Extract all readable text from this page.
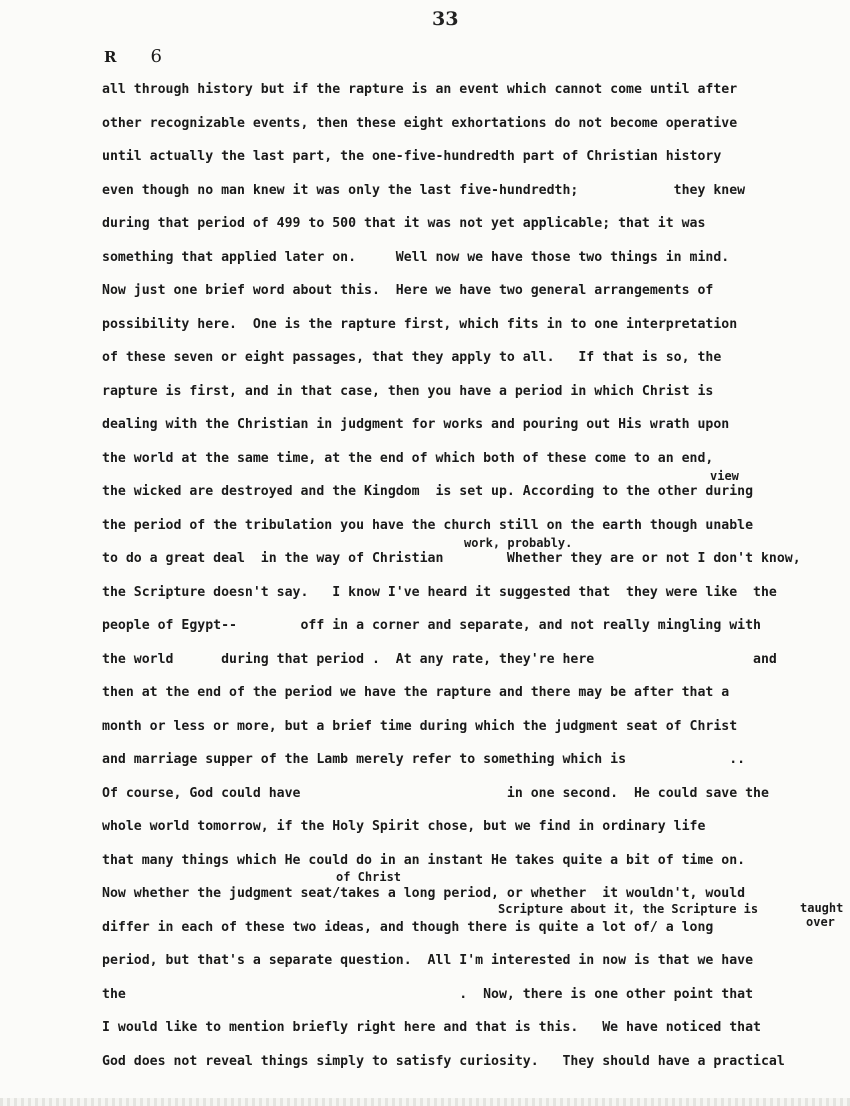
33
R 6
all through history but if the rapture is an event which cannot come until after
other recognizable events, then these eight exhortations do not become operative
until actually the last part, the one-five-hundredth part of Christian history
even though no man knew it was only the last five-hundredth;            they knew
during that period of 499 to 500 that it was not yet applicable; that it was
something that applied later on.     Well now we have those two things in mind.
Now just one brief word about this.  Here we have two general arrangements of
possibility here.  One is the rapture first, which fits in to one interpretation
of these seven or eight passages, that they apply to all.   If that is so, the
rapture is first, and in that case, then you have a period in which Christ is
dealing with the Christian in judgment for works and pouring out His wrath upon
the world at the same time, at the end of which both of these come to an end,
the wicked are destroyed and the Kingdom  is set up. According to the other during
the period of the tribulation you have the church still on the earth though unable
to do a great deal  in the way of Christian        Whether they are or not I don't know,
the Scripture doesn't say.   I know I've heard it suggested that  they were like  the
people of Egypt--        off in a corner and separate, and not really mingling with
the world      during that period .  At any rate, they're here                    and
then at the end of the period we have the rapture and there may be after that a
month or less or more, but a brief time during which the judgment seat of Christ
and marriage supper of the Lamb merely refer to something which is             ..
Of course, God could have                          in one second.  He could save the
whole world tomorrow, if the Holy Spirit chose, but we find in ordinary life
that many things which He could do in an instant He takes quite a bit of time on.
Now whether the judgment seat/takes a long period, or whether  it wouldn't, would
differ in each of these two ideas, and though there is quite a lot of/ a long
period, but that's a separate question.  All I'm interested in now is that we have
the                                          .  Now, there is one other point that
I would like to mention briefly right here and that is this.   We have noticed that
God does not reveal things simply to satisfy curiosity.   They should have a practical
view
work, probably.
of Christ
Scripture about it, the Scripture is	taught
over
